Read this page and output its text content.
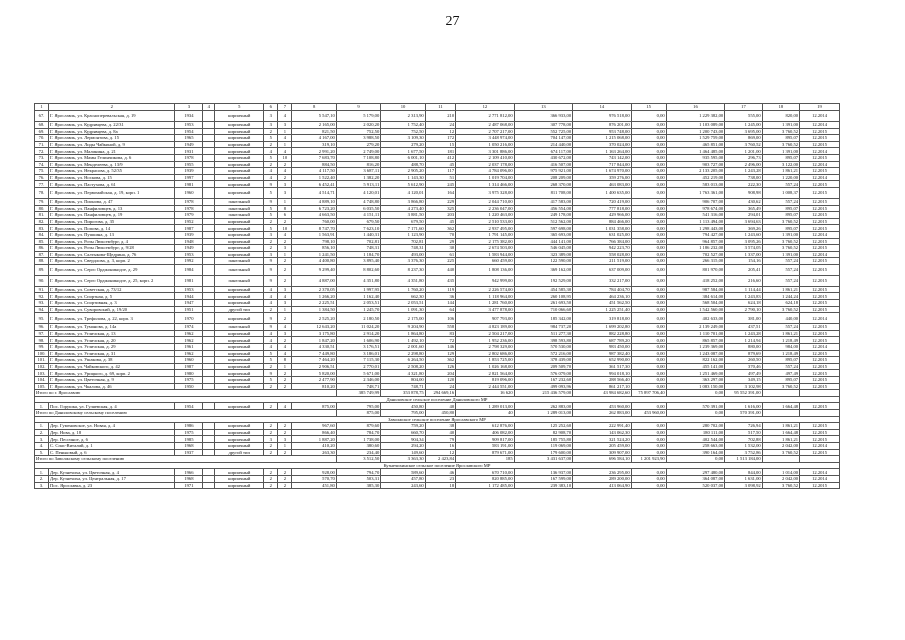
27
1	2	3	4	5	6	7	8	9	10	11	12	13	14	15	16	17	18	19
67.	Г. Ярославль, ул. Красноперевальская, д. 19	1934		кирпичный	3	4	5 547,10	5 179,00	2 313,90	210	2 771 812,00	366 933,00	976 518,00	0,00	1 229 382,00	555,00	820,00	12.2014
68.	Г. Ярославль, ул. Кудрявцева, д. 22/31	1953		кирпичный	3	3	2 165,00	2 020,20	1 752,40	24	2 487 068,00	307 778,00	876 201,00	0,00	1 103 089,00	1 245,00	1 391,00	12.2014
69.	Г. Ярославль, ул. Кудрявцева, д. 8а	1954		кирпичный	2	1	821,50	752,50	752,50	12	2 707 217,00	552 725,00	953 748,00	0,00	1 200 743,00	3 695,00	3 760,52	12.2015
70.	Г. Ярославль, ул. Лермонтова, д. 15	1965		кирпичный	5	4	4 167,00	3 988,50	3 109,30	172	3 448 974,00	704 147,00	1 215 068,00	0,00	1 529 759,00	869,00	895,07	12.2015
71.	Г. Ярославль, ул. Лиды Чайкиной, д. 9	1949		кирпичный	2	1	319,10	279,20	279,20	15	1 050 216,00	214 440,00	370 024,00	0,00	465 851,00	3 760,52	3 760,52	12.2015
72.	Г. Ярославль, ул. Малинина, д. 21	1931		кирпичный	4	4	2 991,20	2 749,00	1 677,50	181	3 301 886,00	674 117,00	1 163 264,00	0,00	1 464 485,00	1 201,00	1 391,00	12.2014
73.	Г. Ярославль, ул. Мамы Гелинчикова, д. 6	1978		кирпичный	5	10	7 683,70	7 108,80	6 001,10	412	2 109 410,00	430 672,00	743 142,00	0,00	935 595,00	296,73	895,07	12.2015
74.	Г. Ярославль, ул. Менделеева, д. 13/9	1955		кирпичный	2	2	884,50	816,20	488,70	45	2 037 178,00	416 507,00	717 844,00	0,00	903 727,00	2 496,00	3 122,00	12.2014
75.	Г. Ярославль, ул. Некрасова, д. 52/35	1939		кирпичный	4	4	4 117,50	3 687,11	2 905,20	117	4 784 096,00	975 921,00	1 674 970,00	0,00	2 133 205,00	1 243,28	1 861,21	12.2015
76.	Г. Ярославль, ул. Носкова, д. 15	1997		кирпичный	4	2	1 522,40	1 382,20	1 143,30	51	1 019 704,00	208 209,00	359 276,00	0,00	452 219,00	738,00	1 220,00	12.2014
77.	Г. Ярославль, ул. Пастухова, д. 61	1981		кирпичный	9	3	6 452,41	5 913,11	5 612,90	245	1 314 466,00	268 370,00	463 083,00	0,00	583 013,00	222,30	557,24	12.2015
78.	Г. Ярославль, ул. Первомайская, д. 19, корп. 1	1960		кирпичный	5	3	4 514,71	4 120,01	4 120,01	164	3 975 328,00	811 708,00	1 400 635,00	0,00	1 763 361,00	908,98	1 008,37	12.2015
79.	Г. Ярославль, ул. Пионова, д. 47	1978		панельный	9	1	4 889,10	4 748,80	3 866,80	229	2 044 710,00	417 583,00	720 419,00	0,00	906 707,00	430,62	557,24	12.2015
80.	Г. Ярославль, ул. Панфиловцев, д. 13	1978		панельный	5	8	6 723,20	6 035,50	4 273,40	325	2 236 047,00	456 554,00	777 818,00	0,00	978 674,00	365,49	895,07	12.2015
81.	Г. Ярославль, ул. Панфиловцев, д. 19	1979		панельный	5	6	4 663,50	4 151,11	3 881,50	203	1 220 463,00	249 178,00	429 966,00	0,00	541 316,00	294,01	895,07	12.2015
82.	Г. Ярославль, ул. Пирогова, д. 35	1952		кирпичный	2	2	760,00	679,50	679,50	45	2 510 533,00	512 562,00	884 466,00	0,00	1 113 494,00	3 694,63	3 760,52	12.2015
83.	Г. Ярославль, ул. Попова, д. 14	1987		кирпичный	5	10	8 747,70	7 623,10	7 171,60	362	2 937 495,00	597 698,00	1 031 358,00	0,00	1 298 443,00	369,26	895,07	12.2015
84.	Г. Ярославль, ул. Пушкина, д. 13	1939		кирпичный	3	4	1 563,91	1 440,31	1 123,90	70	1 791 145,00	365 693,00	631 025,00	0,00	794 427,00	1 243,60	1 391,00	12.2014
85.	Г. Ярославль, ул. Розы Люксембург, д. 4	1948		кирпичный	2	2	798,10	702,81	702,81	29	2 175 382,00	444 141,00	766 384,00	0,00	964 857,00	3 095,26	3 760,52	12.2015
86.	Г. Ярославль, ул. Розы Люксембург, д. 9/28	1949		кирпичный	2	3	856,10	748,31	748,31	30	2 674 503,00	546 045,00	942 223,70	0,00	1 186 232,00	3 574,05	3 760,52	12.2015
87.	Г. Ярославль, ул. Салтыкова-Щедрина, д. 76	1953		кирпичный	3	1	1 241,50	1 184,70	493,00	61	1 583 944,00	323 389,00	558 028,00	0,00	702 527,00	1 337,00	1 391,00	12.2014
88.	Г. Ярославль, ул. Свердлова, д. 3, корп. 2	1992		панельный	9	2	4 400,80	3 895,40	3 376,30	225	660 459,00	122 590,00	211 519,00	0,00	266 315,00	154,16	557,24	12.2015
89.	Г. Ярославль, ул. Серго Орджоникидзе, д. 29	1984		панельный	9	2	9 299,40	8 802,60	8 237,30	440	1 808 136,00	369 162,00	637 009,00	0,00	801 970,00	205,41	557,24	12.2015
90.	Г. Ярославль, ул. Серго Орджоникидзе, д. 25, корп. 2	1981		панельный	9	2	4 887,00	4 351,80	4 351,80	435	942 999,00	192 529,00	332 217,00	0,00	418 252,00	216,60	557,24	12.2015
91.	Г. Ярославль, ул. Советская, д. 73/12	1953		кирпичный	4	3	2 370,05	1 997,95	1 760,20	119	2 226 574,00	454 585,30	784 404,70	0,00	987 584,00	1 114,44	1 861,21	12.2015
92.	Г. Ярославль, ул. Спортная, д. 5	1944		кирпичный	4	4	1 266,20	1 162,40	662,30	36	1 118 964,00	260 108,95	464 236,10	0,00	384 614,00	1 243,83	1 244,24	12.2015
93.	Г. Ярославль, ул. Спортивная, д. 3	1947		кирпичный	4	3	2 225,51	2 053,51	2 053,51	144	1 281 760,00	261 693,50	451 562,50	0,00	568 504,00	624,18	624,18	12.2015
94.	Г. Ярославль, ул. Суворовский, д. 19/20	1951		другой тип	2	1	1 384,50	1 245,70	1 091,30	64	3 477 878,00	710 066,60	1 225 251,40	0,00	1 542 560,00	2 790,10	3 760,52	12.2015
95.	Г. Ярославль, ул. Трефилова, д. 22, корп. 3	1970		кирпичный	9	2	2 525,20	2 180,50	2 175,00	106	907 793,00	185 342,00	319 818,00	0,00	402 633,00	381,00	440,00	12.2014
96.	Г. Ярославль, ул. Туманова, д. 14а	1974		панельный	9	4	12 643,20	11 024,20	9 204,90	558	4 823 189,00	984 737,20	1 699 202,80	0,00	2 139 249,00	437,51	557,24	12.2015
97.	Г. Ярославль, ул. Угличская, д. 13	1962		кирпичный	4	3	3 175,80	2 914,20	1 864,80	83	2 504 217,00	511 277,30	882 228,80	0,00	1 110 701,00	1 243,28	1 861,21	12.2015
98.	Г. Ярославль, ул. Угличская, д. 20	1962		кирпичный	4	2	1 847,20	1 606,90	1 492,10	72	1 952 236,00	398 593,80	687 789,20	0,00	865 857,00	1 214,94	1 218,49	12.2015
99.	Г. Ярославль, ул. Угличская, д. 29	1961		кирпичный	4	4	4 330,51	3 176,51	2 001,60	146	2 798 329,00	570 530,00	983 450,00	0,00	1 239 369,00	880,00	984,00	12.2014
100.	Г. Ярославль, ул. Угличская, д. 31	1962		кирпичный	5	4	7 449,80	3 186,01	2 298,80	129	2 802 686,00	572 216,00	987 382,40	0,00	1 243 087,00	879,69	1 218,49	12.2015
101.	Г. Ярославль, ул. Ушакова, д. 38	1960		кирпичный	5	8	7 464,20	7 115,30	6 264,50	362	1 853 725,00	378 439,00	652 990,00	0,00	822 162,00	260,50	895,07	12.2015
102.	Г. Ярославль, ул. Чайковского, д. 42	1987		кирпичный	2	1	2 906,51	2 770,01	2 508,20	126	1 026 168,00	209 509,70	361 517,30	0,00	455 141,00	370,46	557,24	12.2015
103.	Г. Ярославль, ул. Урицкого, д. 69, корп. 2	1980		кирпичный	9	2	5 820,00	5 671,00	4 321,80	204	2 821 564,00	576 079,00	994 018,10	0,00	1 251 469,00	497,49	497,49	12.2015
104.	Г. Ярославль, ул. Цветочная, д. 9	1975		кирпичный	5	2	2 477,90	2 346,00	804,00	120	819 096,00	167 232,60	288 566,40	0,00	363 297,00	349,15	895,07	12.2015
105.	Г. Ярославль, ул. Чкалова, д. 46	1950		кирпичный	2	2	810,20	748,71	748,71	24	2 444 551,00	499 093,96	861 217,10	0,00	1 083 150,00	3 102,98	3 760,52	12.2015
Итого по г. Ярославлю								385 749,99	353 878,75	294 669,16	16 620	215 436 579,00	43 984 682,60	75 897 706,40	0,00	95 552 391,00		
Даниловское сельское поселение Даниловского МР																		
1.	Пос. Горушка, ул. Гуляевская, д. 4	1954		кирпичный	2	4	875,00	795,00	450,80	40	1 289 013,00	262 883,00	453 960,00	0,00	570 391,00	1 616,00	1 664,48	12.2015
Итого по Даниловскому сельскому поселению								875,00	795,00	450,80	40	1 289 013,00	262 883,00	453 960,00	0,00	570 391,00		
Заволжское сельское поселение Ярославского МР																		
1.	Дер. Гуменовское, ул. Новая, д. 4	1986		кирпичный	2	2	967,60	879,60	759,20	38	612 876,00	125 252,60	222 991,40	0,00	280 702,00	726,94	1 861,21	12.2015
2.	Дер. Нова, д. 18	1975		кирпичный	2	2	866,40	784,70	660,70	40	406 082,00	82 908,70	143 062,30	0,00	180 111,00	517,50	1 664,48	12.2015
3.	Дер. Песочное, д. 6	1985		кирпичный	3	3	1 887,20	1 738,00	904,34	79	909 817,00	185 755,80	321 524,20	0,00	402 544,00	702,88	1 861,21	12.2015
4.	С. Спас-Виталий, д. 1	1968		кирпичный	2	1	410,20	380,60	294,20	16	583 191,00	119 069,00	205 459,00	0,00	258 663,00	1 532,00	2 042,00	12.2014
5.	С. Пеньковый, д. 6	1937		другой тип	2	2	263,30	234,40	149,60	12	879 671,00	179 600,00	309 907,00	0,00	390 164,00	3 752,86	3 760,52	12.2015
Итого по Заволжскому сельскому поселению								3 512,50	3 363,30	2 423,84	185	3 431 637,00	696 584,10	1 201 923,90	0,00	1 513 184,00		
Кузнечихинское сельское поселение Ярославского МР																		
1.	Дер. Кузнечиха, ул. Цветочная, д. 4	1966		кирпичный	2	2	928,00	794,70	589,60	46	670 710,00	136 937,00	236 295,00	0,00	297 480,00	844,00	1 014,00	12.2014
2.	Дер. Кузнечиха, ул. Центральная, д. 17	1968		кирпичный	2	2	570,70	503,31	457,80	23	820 885,00	167 599,00	289 200,00	0,00	364 087,00	1 631,00	2 042,00	12.2014
3.	Пос. Ярославка, д. 23	1971		кирпичный	2	2	451,80	385,30	243,60	18	1 172 485,00	239 383,10	413 064,90	0,00	520 037,00	3 098,92	3 760,52	12.2015
